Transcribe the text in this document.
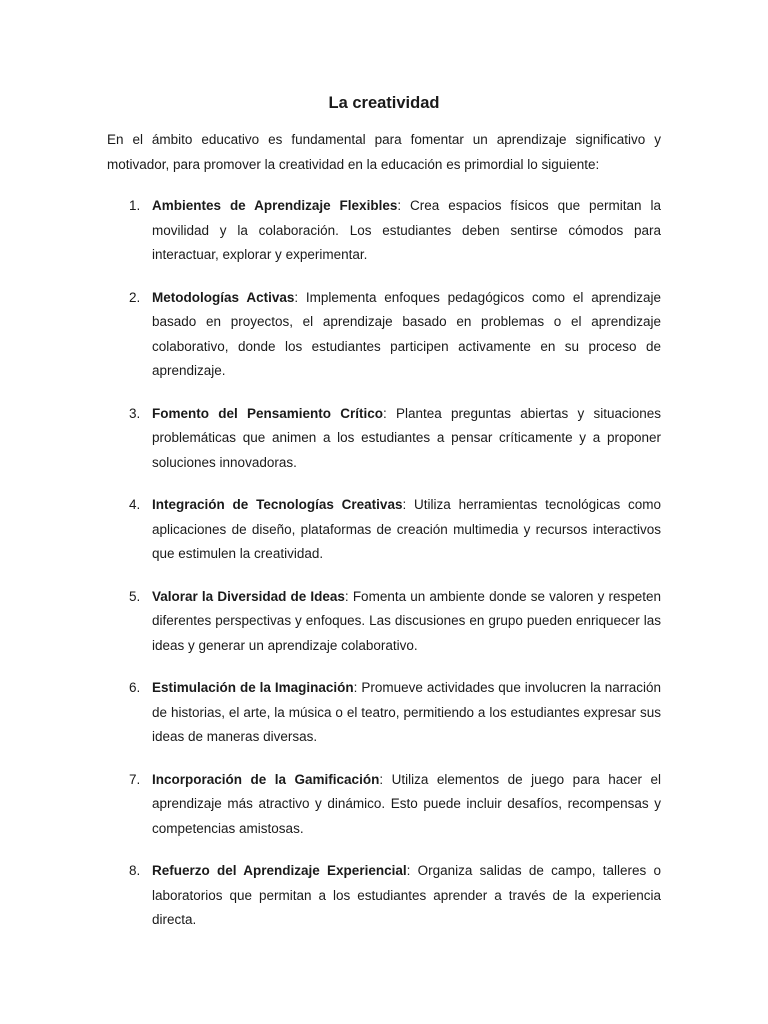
La creatividad

En el ámbito educativo es fundamental para fomentar un aprendizaje significativo y motivador, para promover la creatividad en la educación es primordial lo siguiente:

1. Ambientes de Aprendizaje Flexibles: Crea espacios físicos que permitan la movilidad y la colaboración. Los estudiantes deben sentirse cómodos para interactuar, explorar y experimentar.
2. Metodologías Activas: Implementa enfoques pedagógicos como el aprendizaje basado en proyectos, el aprendizaje basado en problemas o el aprendizaje colaborativo, donde los estudiantes participen activamente en su proceso de aprendizaje.
3. Fomento del Pensamiento Crítico: Plantea preguntas abiertas y situaciones problemáticas que animen a los estudiantes a pensar críticamente y a proponer soluciones innovadoras.
4. Integración de Tecnologías Creativas: Utiliza herramientas tecnológicas como aplicaciones de diseño, plataformas de creación multimedia y recursos interactivos que estimulen la creatividad.
5. Valorar la Diversidad de Ideas: Fomenta un ambiente donde se valoren y respeten diferentes perspectivas y enfoques. Las discusiones en grupo pueden enriquecer las ideas y generar un aprendizaje colaborativo.
6. Estimulación de la Imaginación: Promueve actividades que involucren la narración de historias, el arte, la música o el teatro, permitiendo a los estudiantes expresar sus ideas de maneras diversas.
7. Incorporación de la Gamificación: Utiliza elementos de juego para hacer el aprendizaje más atractivo y dinámico. Esto puede incluir desafíos, recompensas y competencias amistosas.
8. Refuerzo del Aprendizaje Experiencial: Organiza salidas de campo, talleres o laboratorios que permitan a los estudiantes aprender a través de la experiencia directa.
